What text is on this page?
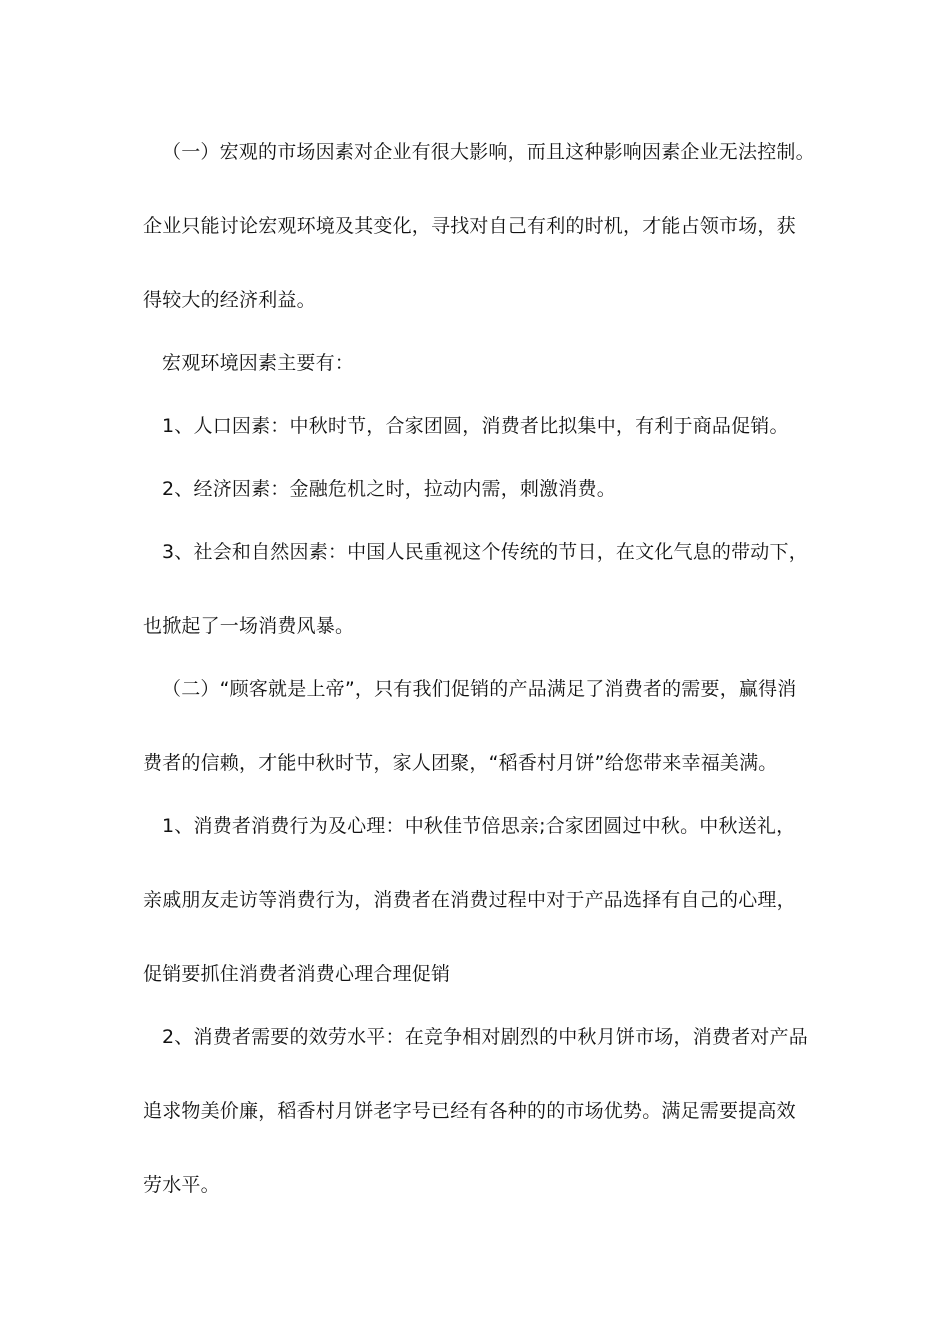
（一）宏观的市场因素对企业有很大影响，而且这种影响因素企业无法控制。
企业只能讨论宏观环境及其变化，寻找对自己有利的时机，才能占领市场，获
得较大的经济利益。
宏观环境因素主要有：
1、人口因素：中秋时节，合家团圆，消费者比拟集中，有利于商品促销。
2、经济因素：金融危机之时，拉动内需，刺激消费。
3、社会和自然因素：中国人民重视这个传统的节日，在文化气息的带动下，
也掀起了一场消费风暴。
（二）“顾客就是上帝”，只有我们促销的产品满足了消费者的需要，赢得消
费者的信赖，才能中秋时节，家人团聚，“稻香村月饼”给您带来幸福美满。
1、消费者消费行为及心理：中秋佳节倍思亲;合家团圆过中秋。中秋送礼，
亲戚朋友走访等消费行为，消费者在消费过程中对于产品选择有自己的心理，
促销要抓住消费者消费心理合理促销
2、消费者需要的效劳水平：在竞争相对剧烈的中秋月饼市场，消费者对产品
追求物美价廉，稻香村月饼老字号已经有各种的的市场优势。满足需要提高效
劳水平。
